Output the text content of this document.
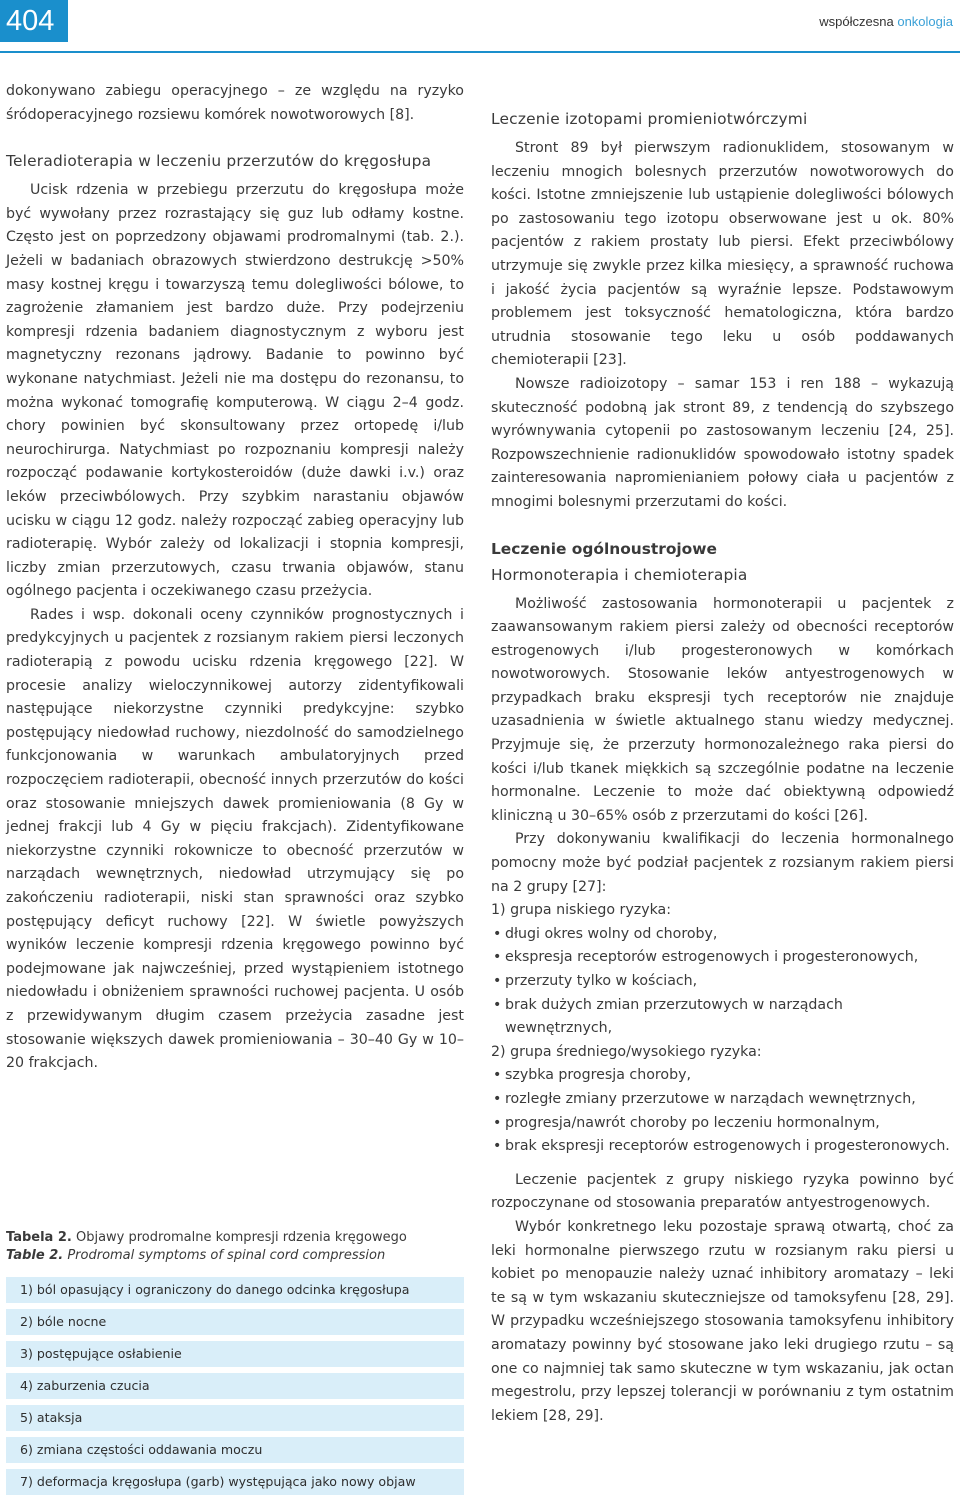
404	współczesna onkologia

dokonywano zabiegu operacyjnego – ze względu na ryzyko śródoperacyjnego rozsiewu komórek nowotworowych [8].

Teleradioterapia w leczeniu przerzutów do kręgosłupa

Ucisk rdzenia w przebiegu przerzutu do kręgosłupa może być wywołany przez rozrastający się guz lub odłamy kostne. Często jest on poprzedzony objawami prodromalnymi (tab. 2.). Jeżeli w badaniach obrazowych stwierdzono destrukcję >50% masy kostnej kręgu i towarzyszą temu dolegliwości bólowe, to zagrożenie złamaniem jest bardzo duże. Przy podejrzeniu kompresji rdzenia badaniem diagnostycznym z wyboru jest magnetyczny rezonans jądrowy. Badanie to powinno być wykonane natychmiast. Jeżeli nie ma dostępu do rezonansu, to można wykonać tomografię komputerową. W ciągu 2–4 godz. chory powinien być skonsultowany przez ortopedę i/lub neurochirurga. Natychmiast po rozpoznaniu kompresji należy rozpocząć podawanie kortykosteroidów (duże dawki i.v.) oraz leków przeciwbólowych. Przy szybkim narastaniu objawów ucisku w ciągu 12 godz. należy rozpocząć zabieg operacyjny lub radioterapię. Wybór zależy od lokalizacji i stopnia kompresji, liczby zmian przerzutowych, czasu trwania objawów, stanu ogólnego pacjenta i oczekiwanego czasu przeżycia.

Rades i wsp. dokonali oceny czynników prognostycznych i predykcyjnych u pacjentek z rozsianym rakiem piersi leczonych radioterapią z powodu ucisku rdzenia kręgowego [22]. W procesie analizy wieloczynnikowej autorzy zidentyfikowali następujące niekorzystne czynniki predykcyjne: szybko postępujący niedowład ruchowy, niezdolność do samodzielnego funkcjonowania w warunkach ambulatoryjnych przed rozpoczęciem radioterapii, obecność innych przerzutów do kości oraz stosowanie mniejszych dawek promieniowania (8 Gy w jednej frakcji lub 4 Gy w pięciu frakcjach). Zidentyfikowane niekorzystne czynniki rokownicze to obecność przerzutów w narządach wewnętrznych, niedowład utrzymujący się po zakończeniu radioterapii, niski stan sprawności oraz szybko postępujący deficyt ruchowy [22]. W świetle powyższych wyników leczenie kompresji rdzenia kręgowego powinno być podejmowane jak najwcześniej, przed wystąpieniem istotnego niedowładu i obniżeniem sprawności ruchowej pacjenta. U osób z przewidywanym długim czasem przeżycia zasadne jest stosowanie większych dawek promieniowania – 30–40 Gy w 10–20 frakcjach.

Tabela 2. Objawy prodromalne kompresji rdzenia kręgowego
Table 2. Prodromal symptoms of spinal cord compression
1) ból opasujący i ograniczony do danego odcinka kręgosłupa
2) bóle nocne
3) postępujące osłabienie
4) zaburzenia czucia
5) ataksja
6) zmiana częstości oddawania moczu
7) deformacja kręgosłupa (garb) występująca jako nowy objaw
Leczenie izotopami promieniotwórczymi

Stront 89 był pierwszym radionuklidem, stosowanym w leczeniu mnogich bolesnych przerzutów nowotworowych do kości. Istotne zmniejszenie lub ustąpienie dolegliwości bólowych po zastosowaniu tego izotopu obserwowane jest u ok. 80% pacjentów z rakiem prostaty lub piersi. Efekt przeciwbólowy utrzymuje się zwykle przez kilka miesięcy, a sprawność ruchowa i jakość życia pacjentów są wyraźnie lepsze. Podstawowym problemem jest toksyczność hematologiczna, która bardzo utrudnia stosowanie tego leku u osób poddawanych chemioterapii [23].

Nowsze radioizotopy – samar 153 i ren 188 – wykazują skuteczność podobną jak stront 89, z tendencją do szybszego wyrównywania cytopenii po zastosowanym leczeniu [24, 25]. Rozpowszechnienie radionuklidów spowodowało istotny spadek zainteresowania napromienianiem połowy ciała u pacjentów z mnogimi bolesnymi przerzutami do kości.

Leczenie ogólnoustrojowe
Hormonoterapia i chemioterapia

Możliwość zastosowania hormonoterapii u pacjentek z zaawansowanym rakiem piersi zależy od obecności receptorów estrogenowych i/lub progesteronowych w komórkach nowotworowych. Stosowanie leków antyestrogenowych w przypadkach braku ekspresji tych receptorów nie znajduje uzasadnienia w świetle aktualnego stanu wiedzy medycznej. Przyjmuje się, że przerzuty hormonozależnego raka piersi do kości i/lub tkanek miękkich są szczególnie podatne na leczenie hormonalne. Leczenie to może dać obiektywną odpowiedź kliniczną u 30–65% osób z przerzutami do kości [26].

Przy dokonywaniu kwalifikacji do leczenia hormonalnego pomocny może być podział pacjentek z rozsianym rakiem piersi na 2 grupy [27]:

1) grupa niskiego ryzyka:

• długi okres wolny od choroby,
• ekspresja receptorów estrogenowych i progesteronowych,
• przerzuty tylko w kościach,
• brak dużych zmian przerzutowych w narządach wewnętrznych,

2) grupa średniego/wysokiego ryzyka:

• szybka progresja choroby,
• rozległe zmiany przerzutowe w narządach wewnętrznych,
• progresja/nawrót choroby po leczeniu hormonalnym,
• brak ekspresji receptorów estrogenowych i progesteronowych.

Leczenie pacjentek z grupy niskiego ryzyka powinno być rozpoczynane od stosowania preparatów antyestrogenowych.

Wybór konkretnego leku pozostaje sprawą otwartą, choć za leki hormonalne pierwszego rzutu w rozsianym raku piersi u kobiet po menopauzie należy uznać inhibitory aromatazy – leki te są w tym wskazaniu skuteczniejsze od tamoksyfenu [28, 29]. W przypadku wcześniejszego stosowania tamoksyfenu inhibitory aromatazy powinny być stosowane jako leki drugiego rzutu – są one co najmniej tak samo skuteczne w tym wskazaniu, jak octan megestrolu, przy lepszej tolerancji w porównaniu z tym ostatnim lekiem [28, 29].
